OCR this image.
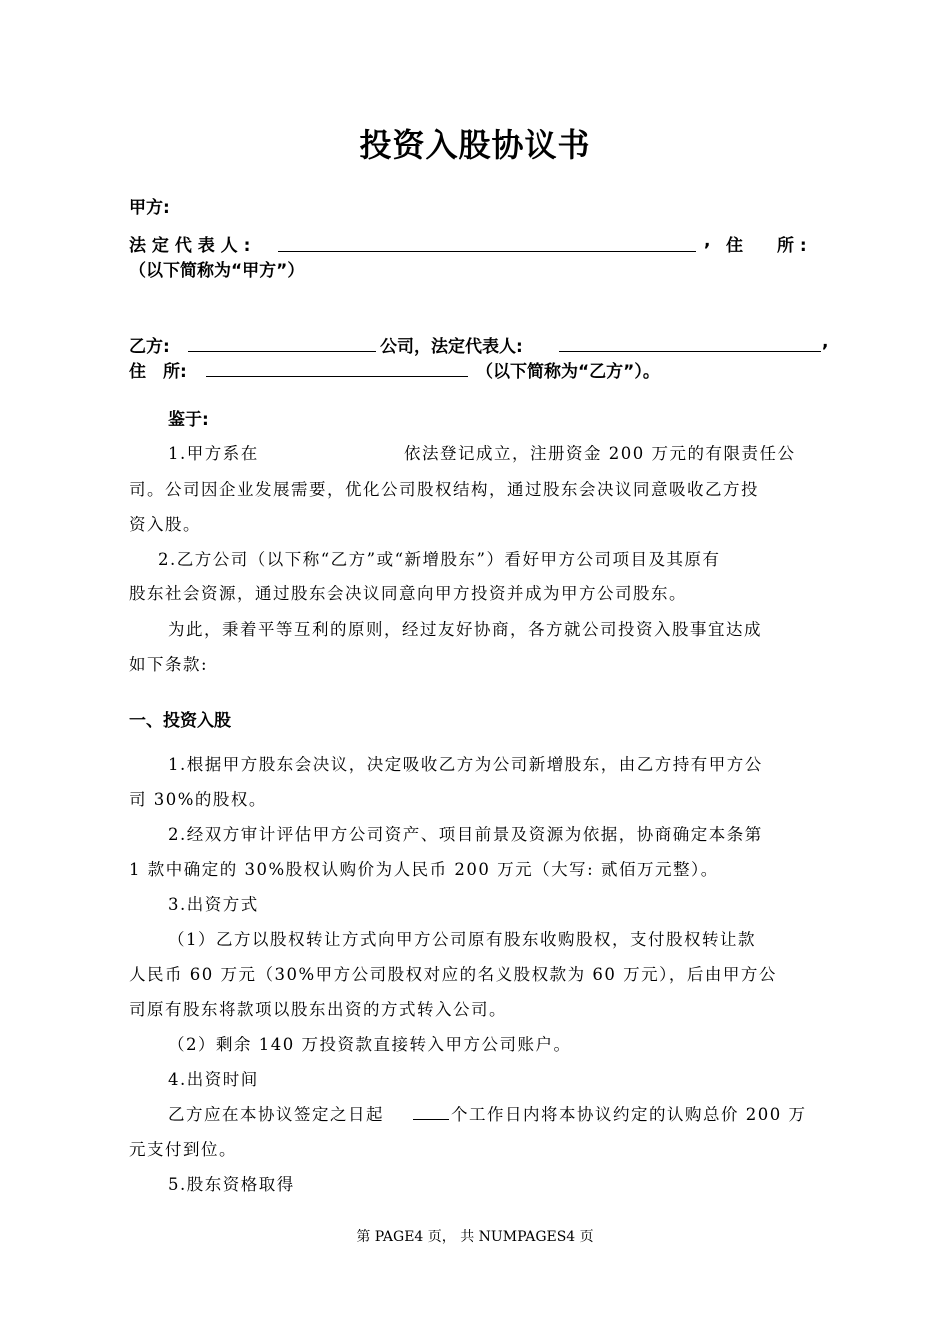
投资入股协议书
甲方:
法 定 代 表 人 :	, 住　　所 :
（以下简称为“甲方”）
乙方:	公司，法定代表人:	,
住　所:	（以下简称为“乙方”）。
鉴于:
1.甲方系在	依法登记成立，注册资金 200 万元的有限责任公
司。公司因企业发展需要，优化公司股权结构，通过股东会决议同意吸收乙方投
资入股。
2.乙方公司（以下称“乙方”或“新增股东”）看好甲方公司项目及其原有
股东社会资源，通过股东会决议同意向甲方投资并成为甲方公司股东。
为此，秉着平等互利的原则，经过友好协商，各方就公司投资入股事宜达成
如下条款:
一、投资入股
1.根据甲方股东会决议，决定吸收乙方为公司新增股东，由乙方持有甲方公
司 30%的股权。
2.经双方审计评估甲方公司资产、项目前景及资源为依据，协商确定本条第
1 款中确定的 30%股权认购价为人民币 200 万元（大写: 贰佰万元整）。
3.出资方式
（1）乙方以股权转让方式向甲方公司原有股东收购股权，支付股权转让款
人民币 60 万元（30%甲方公司股权对应的名义股权款为 60 万元），后由甲方公
司原有股东将款项以股东出资的方式转入公司。
（2）剩余 140 万投资款直接转入甲方公司账户。
4.出资时间
乙方应在本协议签定之日起	个工作日内将本协议约定的认购总价 200 万
元支付到位。
5.股东资格取得
第 PAGE4 页， 共 NUMPAGES4 页
